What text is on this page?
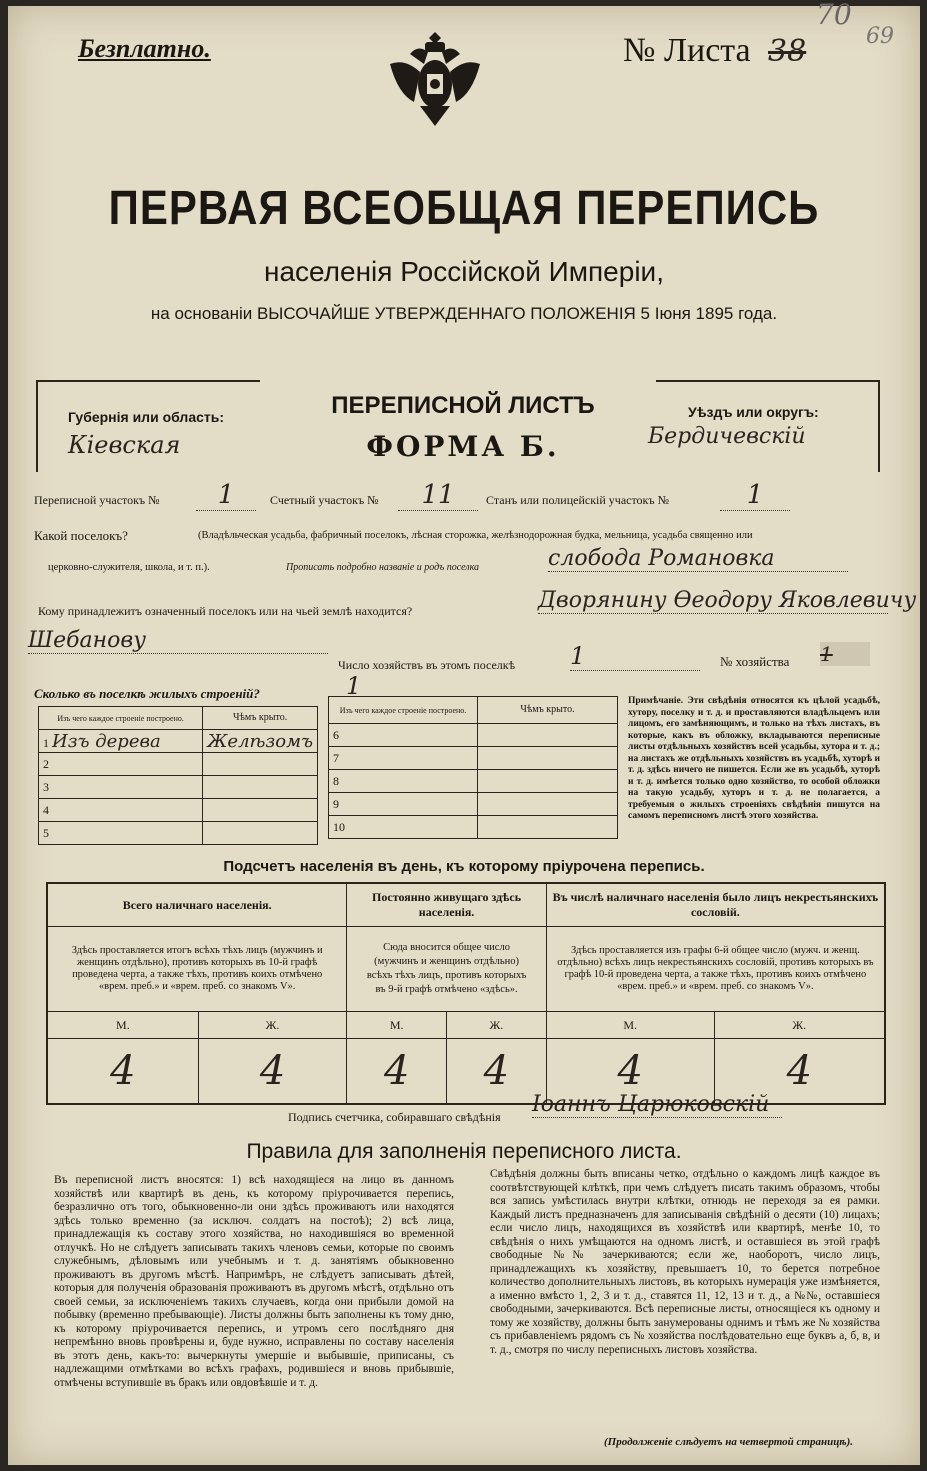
70
69
Безплатно.	№ Листа 38
ПЕРВАЯ ВСЕОБЩАЯ ПЕРЕПИСЬ
населенія Россійской Имперіи,
на основаніи ВЫСОЧАЙШЕ УТВЕРЖДЕННАГО ПОЛОЖЕНІЯ 5 Іюня 1895 года.
Губернія или область:
Кіевская
ПЕРЕПИСНОЙ ЛИСТЪ
ФОРМА Б.
Уѣздъ или округъ:
Бердичевскій
Переписной участокъ №	1	Счетный участокъ №	11	Станъ или полицейскій участокъ №	1
Какой поселокъ?	(Владѣльческая усадьба, фабричный поселокъ, лѣсная сторожка, желѣзнодорожная будка, мельница, усадьба священно или
церковно-служителя, школа, и т. п.).	Прописать подробно названіе и родъ поселка	слобода Романовка
Кому принадлежитъ означенный поселокъ или на чьей землѣ находится?	Дворянину Өеодору Яковлевичу
Шебанову
Число хозяйствъ въ этомъ поселкѣ 1	№ хозяйства 1
Сколько въ поселкѣ жилыхъ строеній?	1
Изъ чего каждое строеніе построено.	Чѣмъ крыто.
1 Изъ дерева	Желѣзомъ
2	
3	
4	
5	
Изъ чего каждое строеніе построено.	Чѣмъ крыто.
6	
7	
8	
9	
10	
Примѣчаніе. Эти свѣдѣнія относятся къ цѣлой усадьбѣ, хутору, поселку и т. д. и проставляются владѣльцемъ или лицомъ, его замѣняющимъ, и только на тѣхъ листахъ, въ которые, какъ въ обложку, вкладываются переписные листы отдѣльныхъ хозяйствъ всей усадьбы, хутора и т. д.; на листахъ же отдѣльныхъ хозяйствъ въ усадьбѣ, хуторѣ и т. д. здѣсь ничего не пишется. Если же въ усадьбѣ, хуторѣ и т. д. имѣется только одно хозяйство, то особой обложки на такую усадьбу, хуторъ и т. д. не полагается, а требуемыя о жилыхъ строеніяхъ свѣдѣнія пишутся на самомъ переписномъ листѣ этого хозяйства.
Подсчетъ населенія въ день, къ которому пріурочена перепись.
Всего наличнаго населенія.		Постоянно живущаго здѣсь населенія.		Въ числѣ наличнаго населенія было лицъ некрестьянскихъ сословій.	
Здѣсь проставляется итогъ всѣхъ тѣхъ лицъ (мужчинъ и женщинъ отдѣльно), противъ которыхъ въ 10-й графѣ проведена черта, а также тѣхъ, противъ коихъ отмѣчено «врем. преб.» и «врем. преб. со знакомъ V».		Сюда вносится общее число (мужчинъ и женщинъ отдѣльно) всѣхъ тѣхъ лицъ, противъ которыхъ въ 9-й графѣ отмѣчено «здѣсь».		Здѣсь проставляется изъ графы 6-й общее число (мужч. и женщ. отдѣльно) всѣхъ лицъ некрестьянскихъ сословій, противъ которыхъ въ графѣ 10-й проведена черта, а также тѣхъ, противъ коихъ отмѣчено «врем. преб.» и «врем. преб. со знакомъ V».	
М.	Ж.	М.	Ж.	М.	Ж.
4	4	4	4	4	4
Подпись счетчика, собиравшаго свѣдѣнія Іоаннъ Царюковскій
Правила для заполненія переписного листа.
Въ переписной листъ вносятся: 1) всѣ находящіеся на лицо въ данномъ хозяйствѣ или квартирѣ въ день, къ которому пріурочивается перепись, безразлично отъ того, обыкновенно-ли они здѣсь проживаютъ или находятся здѣсь только временно (за исключ. солдатъ на постоѣ); 2) всѣ лица, принадлежащія къ составу этого хозяйства, но находившіяся во временной отлучкѣ. Но не слѣдуетъ записывать такихъ членовъ семьи, которые по своимъ служебнымъ, дѣловымъ или учебнымъ и т. д. занятіямъ обыкновенно проживаютъ въ другомъ мѣстѣ. Напримѣръ, не слѣдуетъ записывать дѣтей, которыя для полученія образованія проживаютъ въ другомъ мѣстѣ, отдѣльно отъ своей семьи, за исключеніемъ такихъ случаевъ, когда они прибыли домой на побывку (временно пребывающіе). Листы должны быть заполнены къ тому дню, къ которому пріурочивается перепись, и утромъ сего послѣдняго дня непремѣнно вновь провѣрены и, буде нужно, исправлены по составу населенія въ этотъ день, какъ-то: вычеркнуты умершіе и выбывшіе, приписаны, съ надлежащими отмѣтками во всѣхъ графахъ, родившіеся и вновь прибывшіе, отмѣчены вступившіе въ бракъ или овдовѣвшіе и т. д.
Свѣдѣнія должны быть вписаны четко, отдѣльно о каждомъ лицѣ каждое въ соотвѣтствующей клѣткѣ, при чемъ слѣдуетъ писать такимъ образомъ, чтобы вся запись умѣстилась внутри клѣтки, отнюдь не переходя за ея рамки. Каждый листъ предназначенъ для записыванія свѣдѣній о десяти (10) лицахъ; если число лицъ, находящихся въ хозяйствѣ или квартирѣ, менѣе 10, то свѣдѣнія о нихъ умѣщаются на одномъ листѣ, и оставшіеся въ этой графѣ свободные №№ зачеркиваются; если же, наоборотъ, число лицъ, принадлежащихъ къ хозяйству, превышаетъ 10, то берется потребное количество дополнительныхъ листовъ, въ которыхъ нумерація уже измѣняется, а именно вмѣсто 1, 2, 3 и т. д., ставятся 11, 12, 13 и т. д., а №№, оставшіеся свободными, зачеркиваются. Всѣ переписные листы, относящіеся къ одному и тому же хозяйству, должны быть занумерованы однимъ и тѣмъ же № хозяйства съ прибавленіемъ рядомъ съ № хозяйства послѣдовательно еще буквъ а, б, в, и т. д., смотря по числу переписныхъ листовъ хозяйства.
(Продолженіе слѣдуетъ на четвертой страницѣ).
